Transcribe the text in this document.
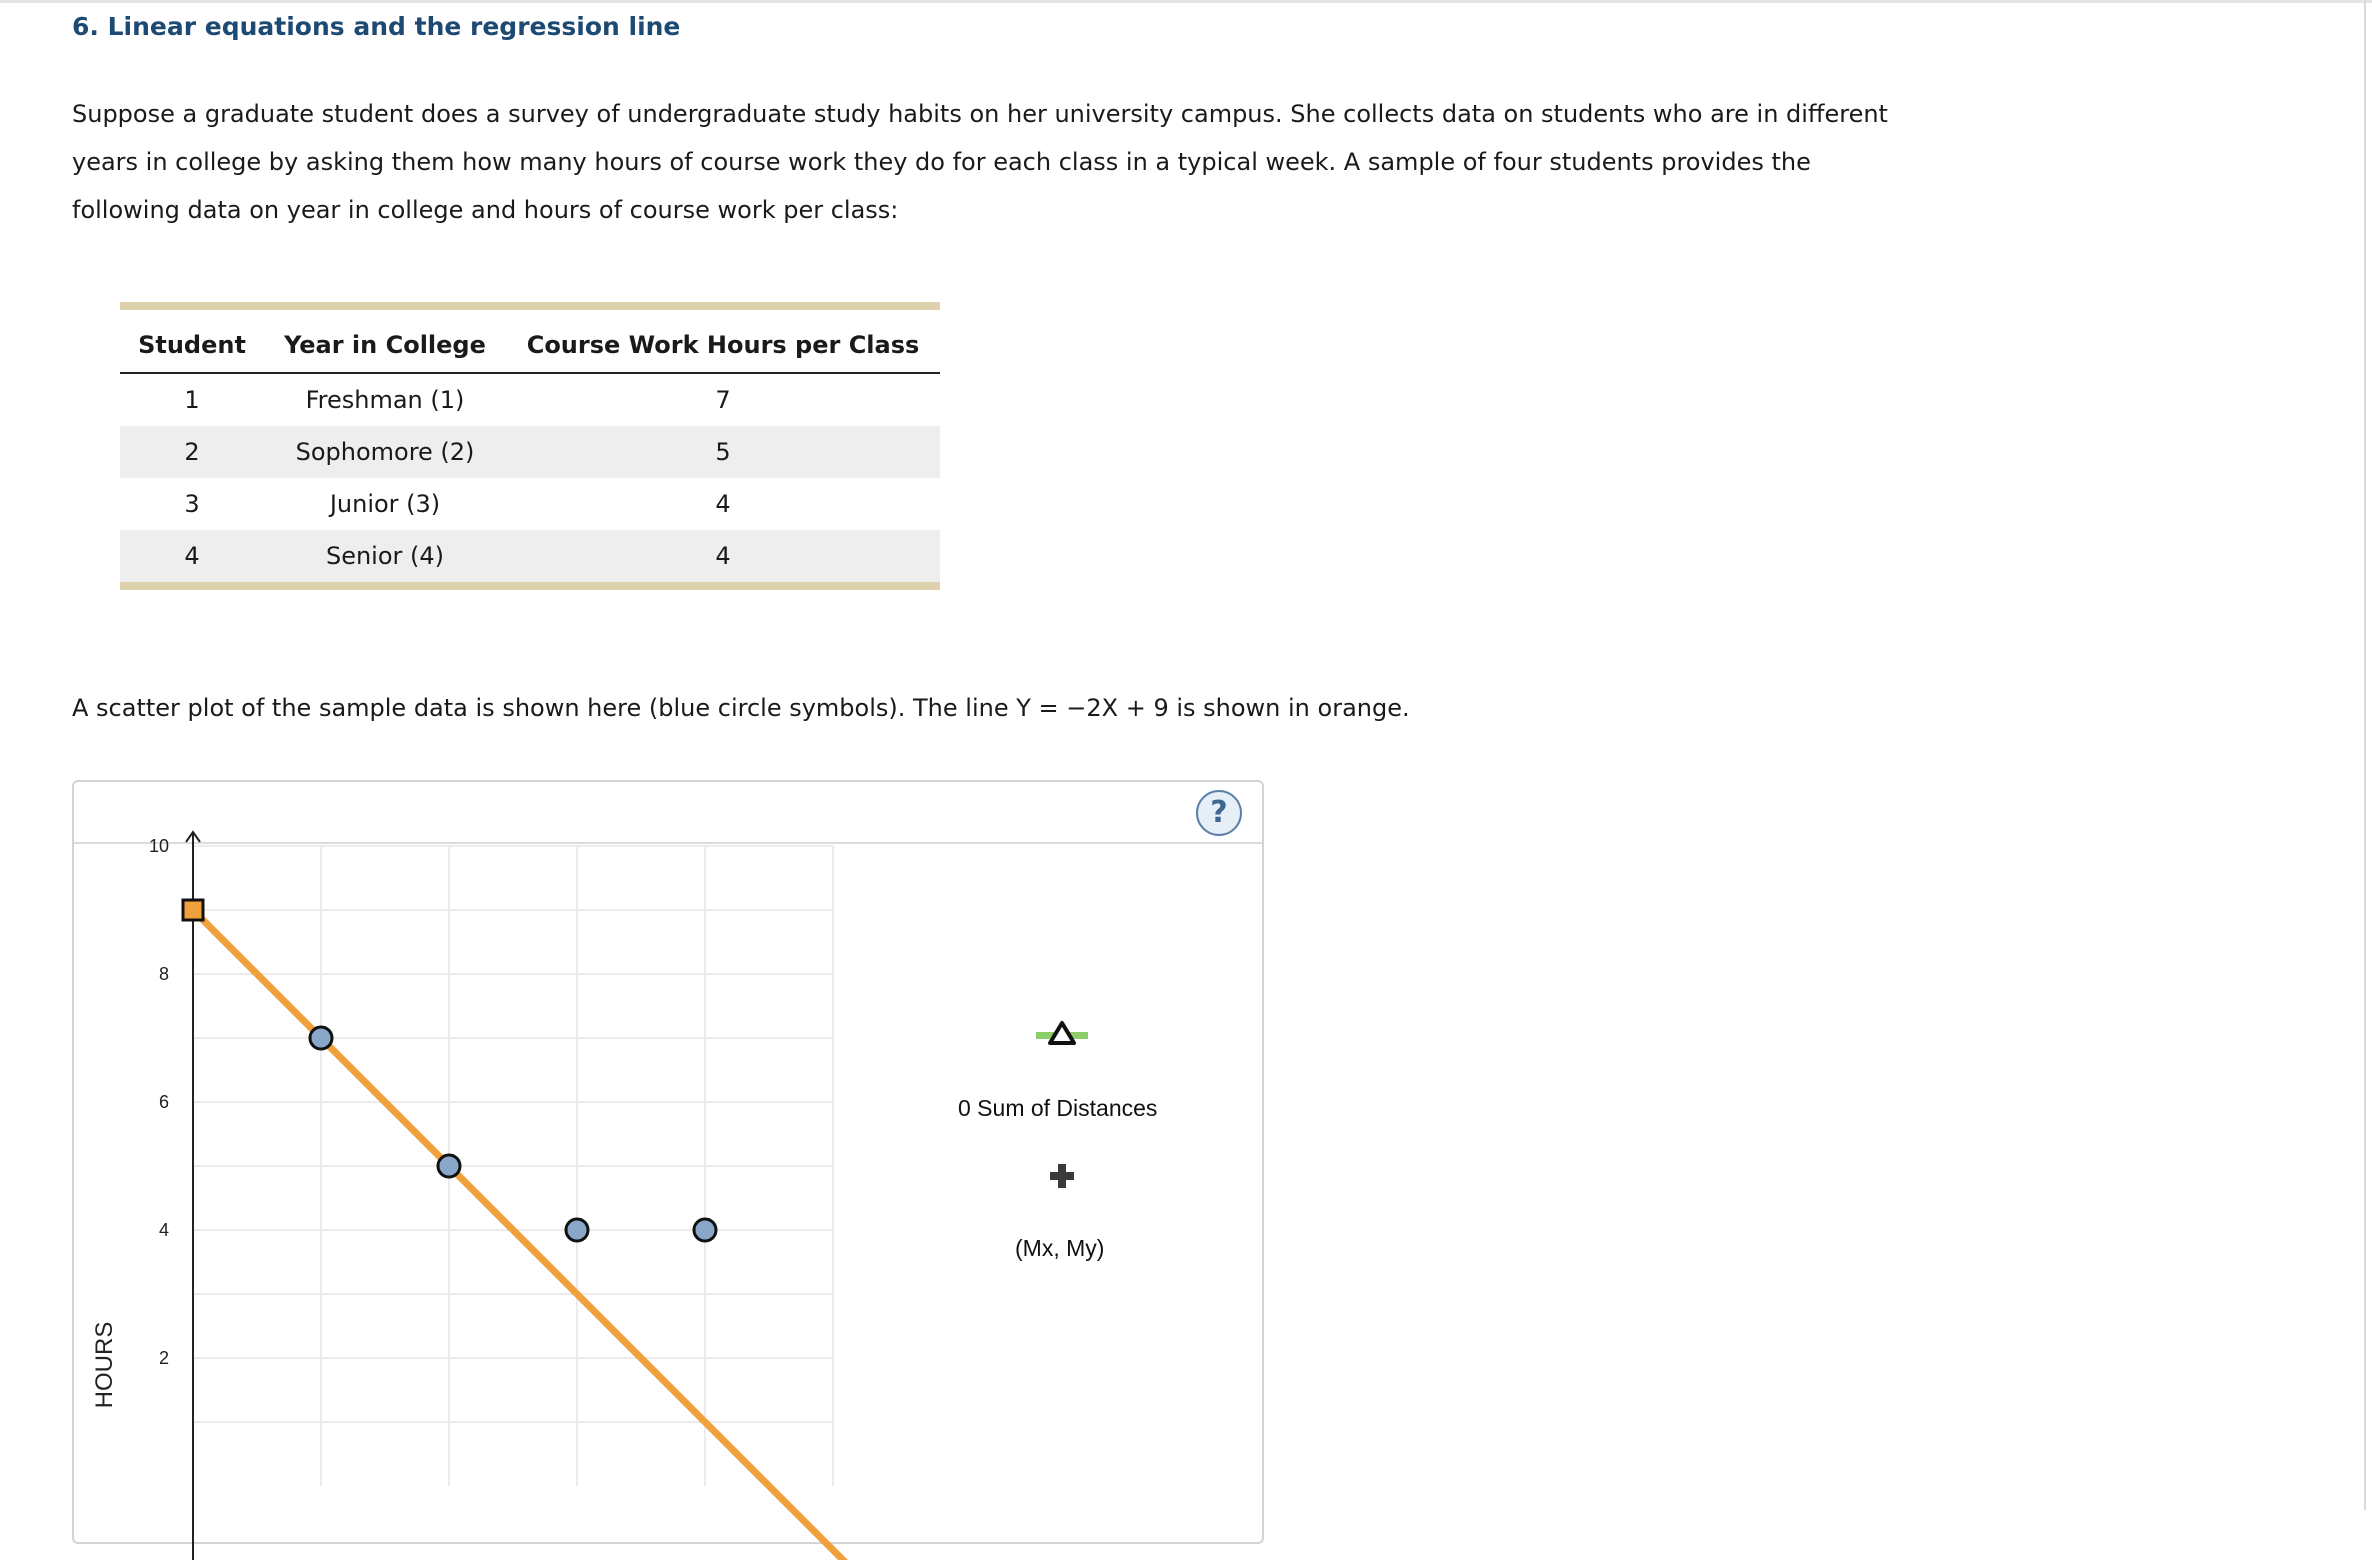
6. Linear equations and the regression line

Suppose a graduate student does a survey of undergraduate study habits on her university campus. She collects data on students who are in different
years in college by asking them how many hours of course work they do for each class in a typical week. A sample of four students provides the
following data on year in college and hours of course work per class:

Student	Year in College	Course Work Hours per Class
1	Freshman (1)	7
2	Sophomore (2)	5
3	Junior (3)	4
4	Senior (4)	4

A scatter plot of the sample data is shown here (blue circle symbols). The line Y = −2X + 9 is shown in orange.

?
10
8
6
4
2
HOURS
0 Sum of Distances
(Mx, My)
